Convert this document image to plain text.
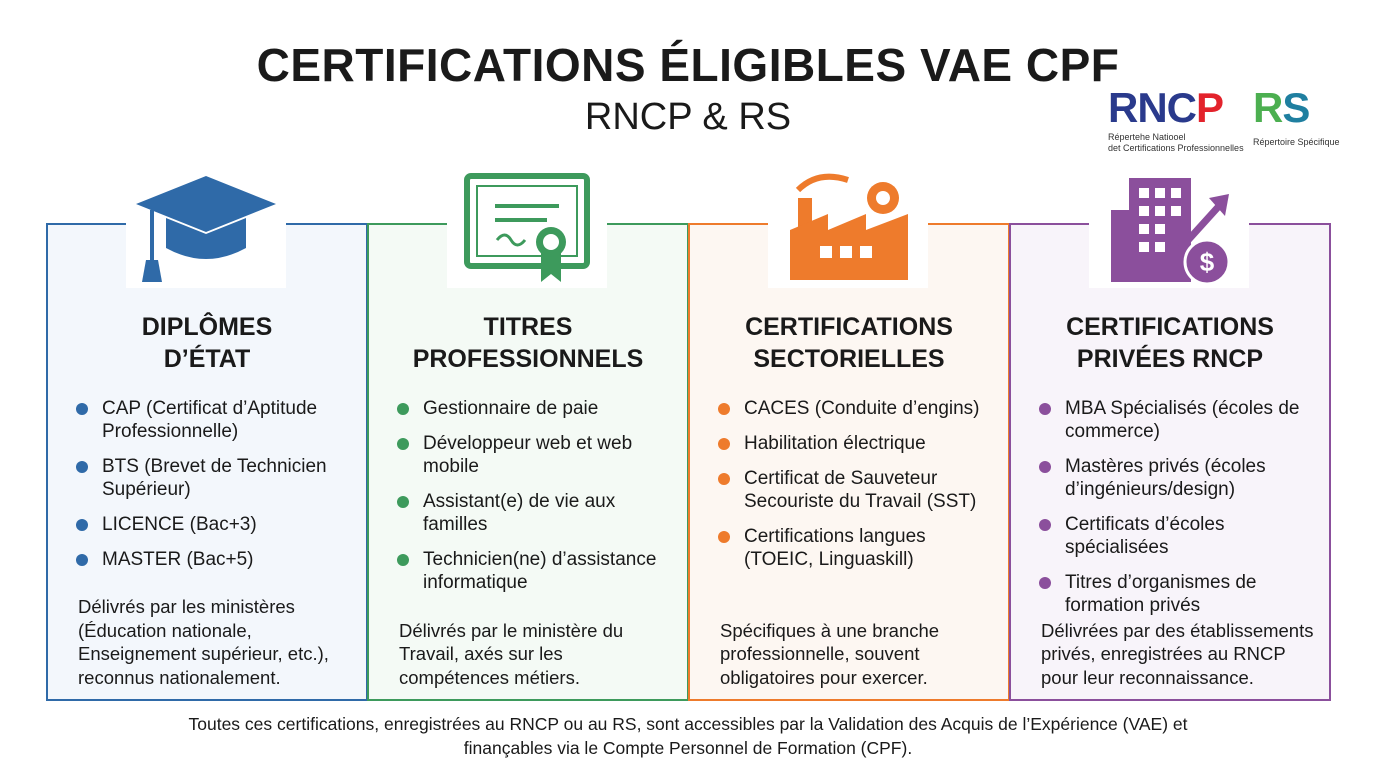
CERTIFICATIONS ÉLIGIBLES VAE CPF
RNCP & RS	RNCP
Répertehe Natiooel
det Certifications Professionnelles
RS
Répertoire Spécifique
DIPLÔMES
D’ÉTAT
CAP (Certificat d’Aptitude Professionnelle)
BTS (Brevet de Technicien Supérieur)
LICENCE (Bac+3)
MASTER (Bac+5)
Délivrés par les ministères (Éducation nationale, Enseignement supérieur, etc.), reconnus nationalement.
TITRES
PROFESSIONNELS
Gestionnaire de paie
Développeur web et web mobile
Assistant(e) de vie aux familles
Technicien(ne) d’assistance informatique
Délivrés par le ministère du Travail, axés sur les compétences métiers.
CERTIFICATIONS
SECTORIELLES
CACES (Conduite d’engins)
Habilitation électrique
Certificat de Sauveteur Secouriste du Travail (SST)
Certifications langues (TOEIC, Linguaskill)
Spécifiques à une branche professionnelle, souvent obligatoires pour exercer.
CERTIFICATIONS
PRIVÉES RNCP
MBA Spécialisés (écoles de commerce)
Mastères privés (écoles d’ingénieurs/design)
Certificats d’écoles spécialisées
Titres d’organismes de formation privés
Délivrées par des établissements privés, enregistrées au RNCP pour leur reconnaissance.
$
Toutes ces certifications, enregistrées au RNCP ou au RS, sont accessibles par la Validation des Acquis de l’Expérience (VAE) et
finançables via le Compte Personnel de Formation (CPF).
